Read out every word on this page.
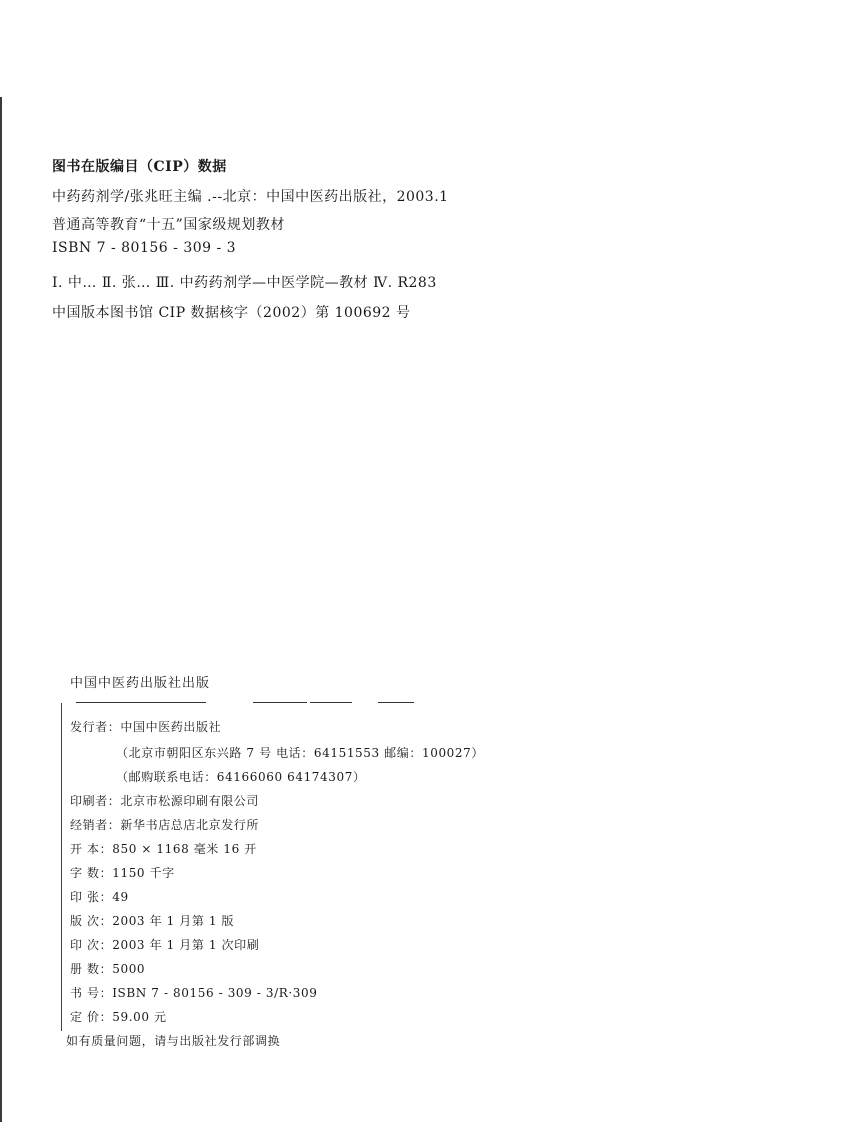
图书在版编目（CIP）数据
中药药剂学/张兆旺主编 .--北京：中国中医药出版社，2003.1
普通高等教育“十五”国家级规划教材
ISBN 7 - 80156 - 309 - 3
Ⅰ. 中… Ⅱ. 张… Ⅲ. 中药药剂学—中医学院—教材 Ⅳ. R283
中国版本图书馆 CIP 数据核字（2002）第 100692 号
中国中医药出版社出版
发行者：中国中医药出版社
（北京市朝阳区东兴路 7 号 电话：64151553 邮编：100027）
（邮购联系电话：64166060 64174307）
印刷者：北京市松源印刷有限公司
经销者：新华书店总店北京发行所
开 本：850 × 1168 毫米 16 开
字 数：1150 千字
印 张：49
版 次：2003 年 1 月第 1 版
印 次：2003 年 1 月第 1 次印刷
册 数：5000
书 号：ISBN 7 - 80156 - 309 - 3/R·309
定 价：59.00 元
如有质量问题，请与出版社发行部调换
